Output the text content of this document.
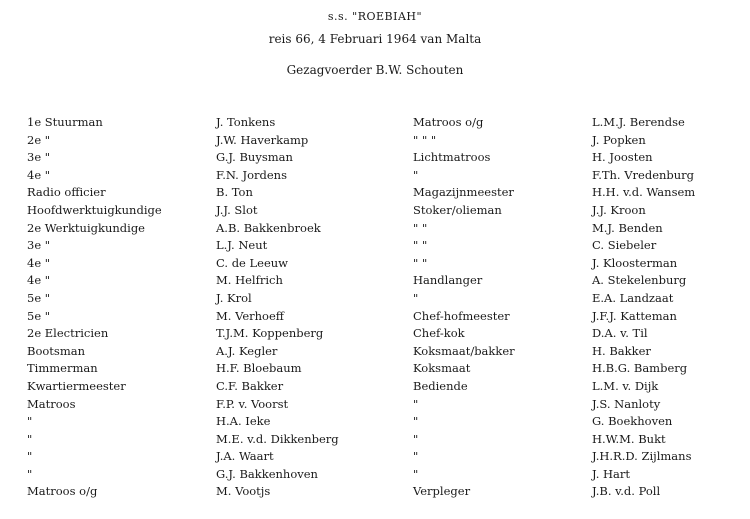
s.s. "ROEBIAH"
reis 66, 4 Februari 1964 van Malta
Gezagvoerder B.W. Schouten
1e Stuurman
2e "
3e "
4e "
Radio officier
Hoofdwerktuigkundige
2e Werktuigkundige
3e "
4e "
4e "
5e "
5e "
2e Electricien
Bootsman
Timmerman
Kwartiermeester
Matroos
"
"
"
"
Matroos o/g
J. Tonkens
J.W. Haverkamp
G.J. Buysman
F.N. Jordens
B. Ton
J.J. Slot
A.B. Bakkenbroek
L.J. Neut
C. de Leeuw
M. Helfrich
J. Krol
M. Verhoeff
T.J.M. Koppenberg
A.J. Kegler
H.F. Bloebaum
C.F. Bakker
F.P. v. Voorst
H.A. Ieke
M.E. v.d. Dikkenberg
J.A. Waart
G.J. Bakkenhoven
M. Vootjs
Matroos o/g
" " "
Lichtmatroos
"
Magazijnmeester
Stoker/olieman
" "
" "
" "
Handlanger
"
Chef-hofmeester
Chef-kok
Koksmaat/bakker
Koksmaat
Bediende
"
"
"
"
"
Verpleger
L.M.J. Berendse
J. Popken
H. Joosten
F.Th. Vredenburg
H.H. v.d. Wansem
J.J. Kroon
M.J. Benden
C. Siebeler
J. Kloosterman
A. Stekelenburg
E.A. Landzaat
J.F.J. Katteman
D.A. v. Til
H. Bakker
H.B.G. Bamberg
L.M. v. Dijk
J.S. Nanloty
G. Boekhoven
H.W.M. Bukt
J.H.R.D. Zijlmans
J. Hart
J.B. v.d. Poll
